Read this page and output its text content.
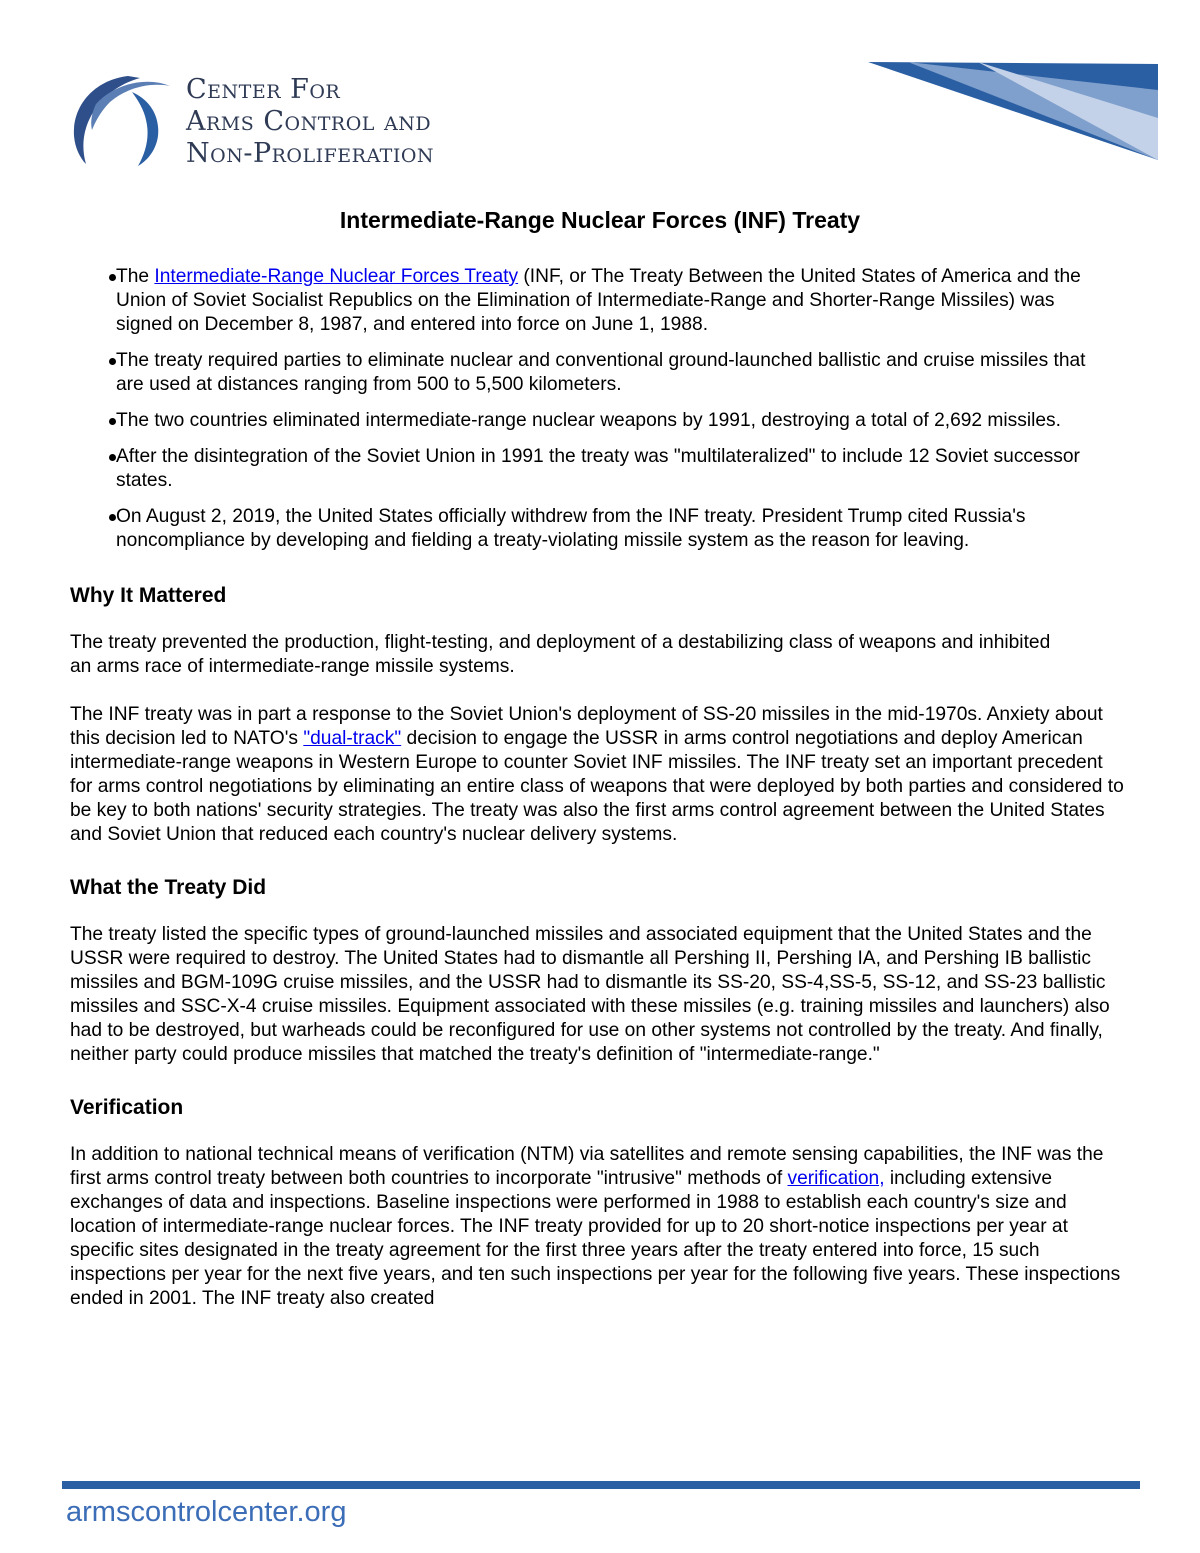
Center For
Arms Control and
Non-Proliferation
Intermediate-Range Nuclear Forces (INF) Treaty
The Intermediate-Range Nuclear Forces Treaty (INF, or The Treaty Between the United States of America and the Union of Soviet Socialist Republics on the Elimination of Intermediate-Range and Shorter-Range Missiles) was signed on December 8, 1987, and entered into force on June 1, 1988.
The treaty required parties to eliminate nuclear and conventional ground-launched ballistic and cruise missiles that are used at distances ranging from 500 to 5,500 kilometers.
The two countries eliminated intermediate-range nuclear weapons by 1991, destroying a total of 2,692 missiles.
After the disintegration of the Soviet Union in 1991 the treaty was "multilateralized" to include 12 Soviet successor states.
On August 2, 2019, the United States officially withdrew from the INF treaty. President Trump cited Russia's noncompliance by developing and fielding a treaty-violating missile system as the reason for leaving.
Why It Mattered

The treaty prevented the production, flight-testing, and deployment of a destabilizing class of weapons and inhibited an arms race of intermediate-range missile systems.

The INF treaty was in part a response to the Soviet Union's deployment of SS-20 missiles in the mid-1970s. Anxiety about this decision led to NATO's "dual-track" decision to engage the USSR in arms control negotiations and deploy American intermediate-range weapons in Western Europe to counter Soviet INF missiles. The INF treaty set an important precedent for arms control negotiations by eliminating an entire class of weapons that were deployed by both parties and considered to be key to both nations' security strategies. The treaty was also the first arms control agreement between the United States and Soviet Union that reduced each country's nuclear delivery systems.

What the Treaty Did

The treaty listed the specific types of ground-launched missiles and associated equipment that the United States and the USSR were required to destroy. The United States had to dismantle all Pershing II, Pershing IA, and Pershing IB ballistic missiles and BGM-109G cruise missiles, and the USSR had to dismantle its SS-20, SS-4,SS-5, SS-12, and SS-23 ballistic missiles and SSC-X-4 cruise missiles. Equipment associated with these missiles (e.g. training missiles and launchers) also had to be destroyed, but warheads could be reconfigured for use on other systems not controlled by the treaty. And finally, neither party could produce missiles that matched the treaty's definition of "intermediate-range."

Verification

In addition to national technical means of verification (NTM) via satellites and remote sensing capabilities, the INF was the first arms control treaty between both countries to incorporate "intrusive" methods of verification, including extensive exchanges of data and inspections. Baseline inspections were performed in 1988 to establish each country's size and location of intermediate-range nuclear forces. The INF treaty provided for up to 20 short-notice inspections per year at specific sites designated in the treaty agreement for the first three years after the treaty entered into force, 15 such inspections per year for the next five years, and ten such inspections per year for the following five years. These inspections ended in 2001. The INF treaty also created

armscontrolcenter.org
